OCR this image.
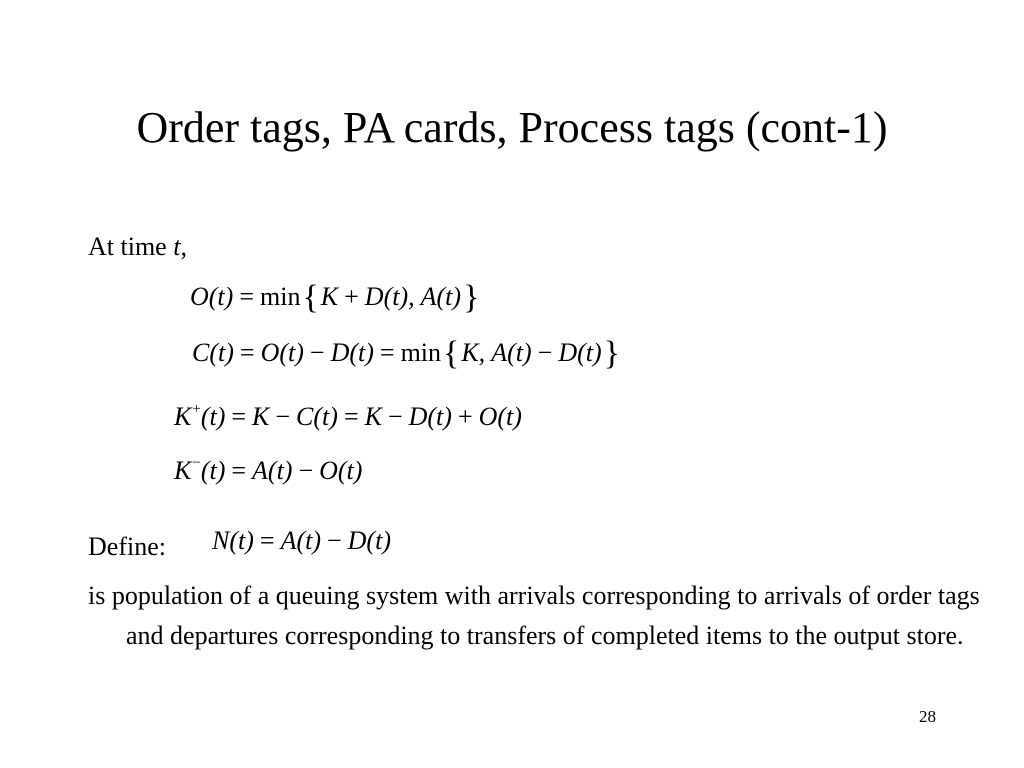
Order tags, PA cards, Process tags (cont-1)
At time t,
O(t) = min{K + D(t), A(t)}
C(t) = O(t) − D(t) = min{K, A(t) − D(t)}
K+(t) = K − C(t) = K − D(t) + O(t)
K−(t) = A(t) − O(t)
Define: N(t) = A(t) − D(t)
is population of a queuing system with arrivals corresponding to arrivals of order tags and departures corresponding to transfers of completed items to the output store.
28
